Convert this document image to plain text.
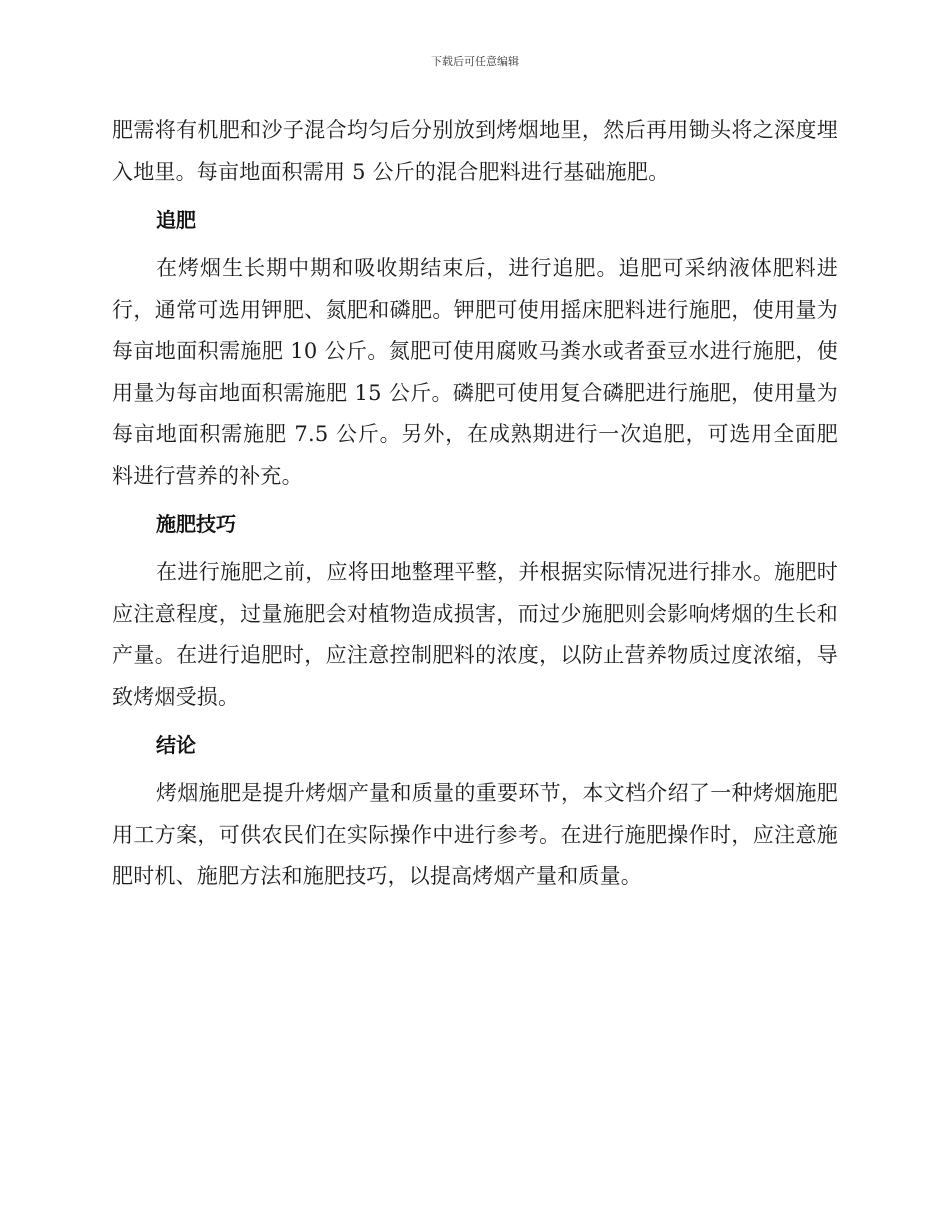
下载后可任意编辑

肥需将有机肥和沙子混合均匀后分别放到烤烟地里，然后再用锄头将之深度埋入地里。每亩地面积需用 5 公斤的混合肥料进行基础施肥。

追肥

在烤烟生长期中期和吸收期结束后，进行追肥。追肥可采纳液体肥料进行，通常可选用钾肥、氮肥和磷肥。钾肥可使用摇床肥料进行施肥，使用量为每亩地面积需施肥 10 公斤。氮肥可使用腐败马粪水或者蚕豆水进行施肥，使用量为每亩地面积需施肥 15 公斤。磷肥可使用复合磷肥进行施肥，使用量为每亩地面积需施肥 7.5 公斤。另外，在成熟期进行一次追肥，可选用全面肥料进行营养的补充。

施肥技巧

在进行施肥之前，应将田地整理平整，并根据实际情况进行排水。施肥时应注意程度，过量施肥会对植物造成损害，而过少施肥则会影响烤烟的生长和产量。在进行追肥时，应注意控制肥料的浓度，以防止营养物质过度浓缩，导致烤烟受损。

结论

烤烟施肥是提升烤烟产量和质量的重要环节，本文档介绍了一种烤烟施肥用工方案，可供农民们在实际操作中进行参考。在进行施肥操作时，应注意施肥时机、施肥方法和施肥技巧，以提高烤烟产量和质量。
